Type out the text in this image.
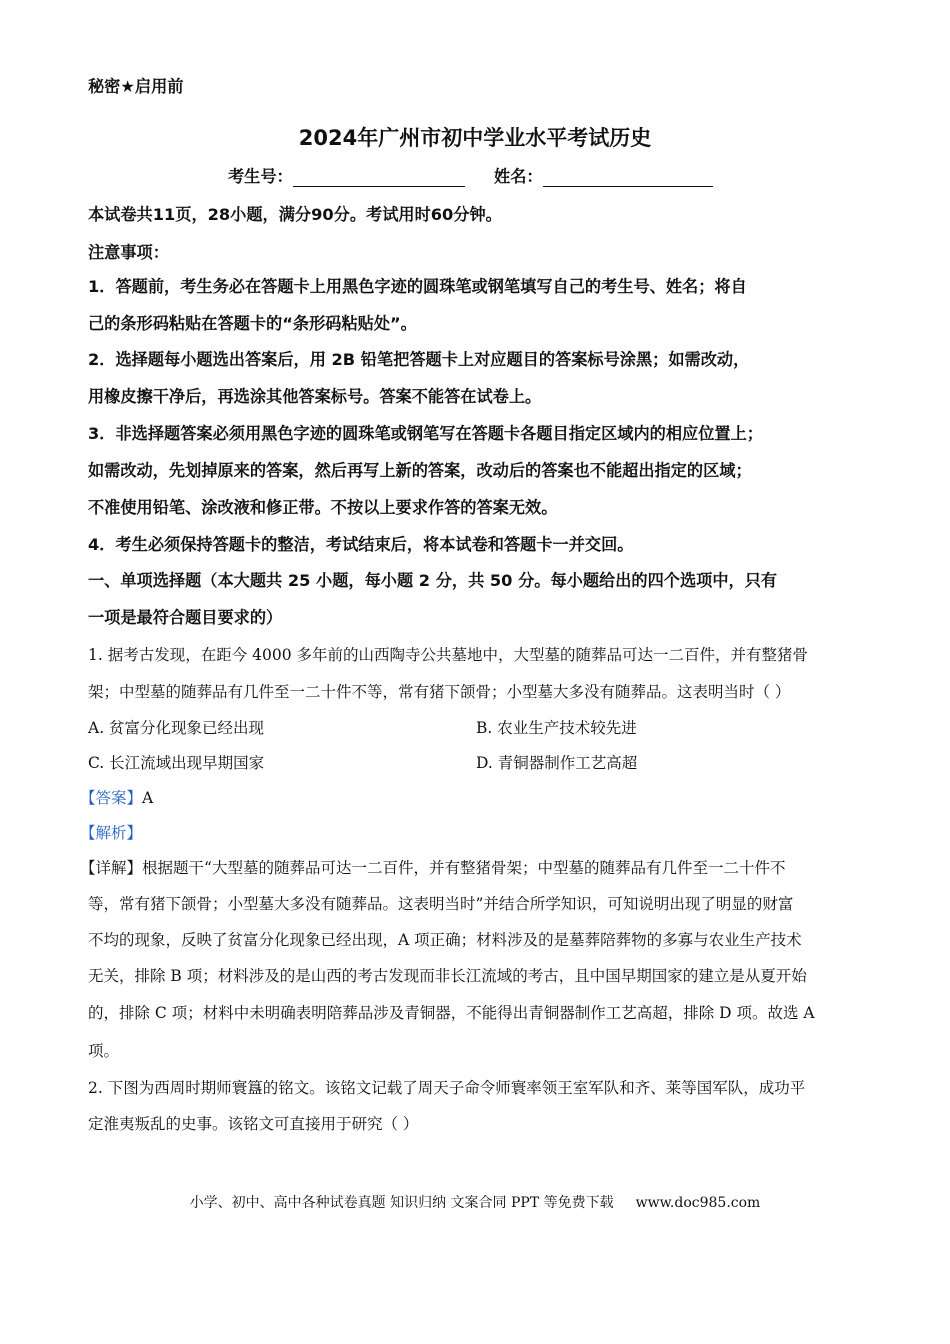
秘密★启用前
2024年广州市初中学业水平考试历史
考生号：	姓名：
本试卷共11页，28小题，满分90分。考试用时60分钟。
注意事项：
1．答题前，考生务必在答题卡上用黑色字迹的圆珠笔或钢笔填写自己的考生号、姓名；将自
己的条形码粘贴在答题卡的“条形码粘贴处”。
2．选择题每小题选出答案后，用 2B 铅笔把答题卡上对应题目的答案标号涂黑；如需改动，
用橡皮擦干净后，再选涂其他答案标号。答案不能答在试卷上。
3．非选择题答案必须用黑色字迹的圆珠笔或钢笔写在答题卡各题目指定区域内的相应位置上；
如需改动，先划掉原来的答案，然后再写上新的答案，改动后的答案也不能超出指定的区域；
不准使用铅笔、涂改液和修正带。不按以上要求作答的答案无效。
4．考生必须保持答题卡的整洁，考试结束后，将本试卷和答题卡一并交回。
一、单项选择题（本大题共 25 小题，每小题 2 分，共 50 分。每小题给出的四个选项中，只有
一项是最符合题目要求的）
1. 据考古发现，在距今 4000 多年前的山西陶寺公共墓地中，大型墓的随葬品可达一二百件，并有整猪骨
架；中型墓的随葬品有几件至一二十件不等，常有猪下颌骨；小型墓大多没有随葬品。这表明当时（ ）
A. 贫富分化现象已经出现	B. 农业生产技术较先进
C. 长江流域出现早期国家	D. 青铜器制作工艺高超
【答案】A
【解析】
【详解】根据题干“大型墓的随葬品可达一二百件，并有整猪骨架；中型墓的随葬品有几件至一二十件不
等，常有猪下颌骨；小型墓大多没有随葬品。这表明当时”并结合所学知识，可知说明出现了明显的财富
不均的现象，反映了贫富分化现象已经出现，A 项正确；材料涉及的是墓葬陪葬物的多寡与农业生产技术
无关，排除 B 项；材料涉及的是山西的考古发现而非长江流域的考古，且中国早期国家的建立是从夏开始
的，排除 C 项；材料中未明确表明陪葬品涉及青铜器，不能得出青铜器制作工艺高超，排除 D 项。故选 A
项。
2. 下图为西周时期师寰簋的铭文。该铭文记载了周天子命令师寰率领王室军队和齐、莱等国军队，成功平
定淮夷叛乱的史事。该铭文可直接用于研究（ ）
小学、初中、高中各种试卷真题 知识归纳 文案合同 PPT 等免费下载 www.doc985.com
